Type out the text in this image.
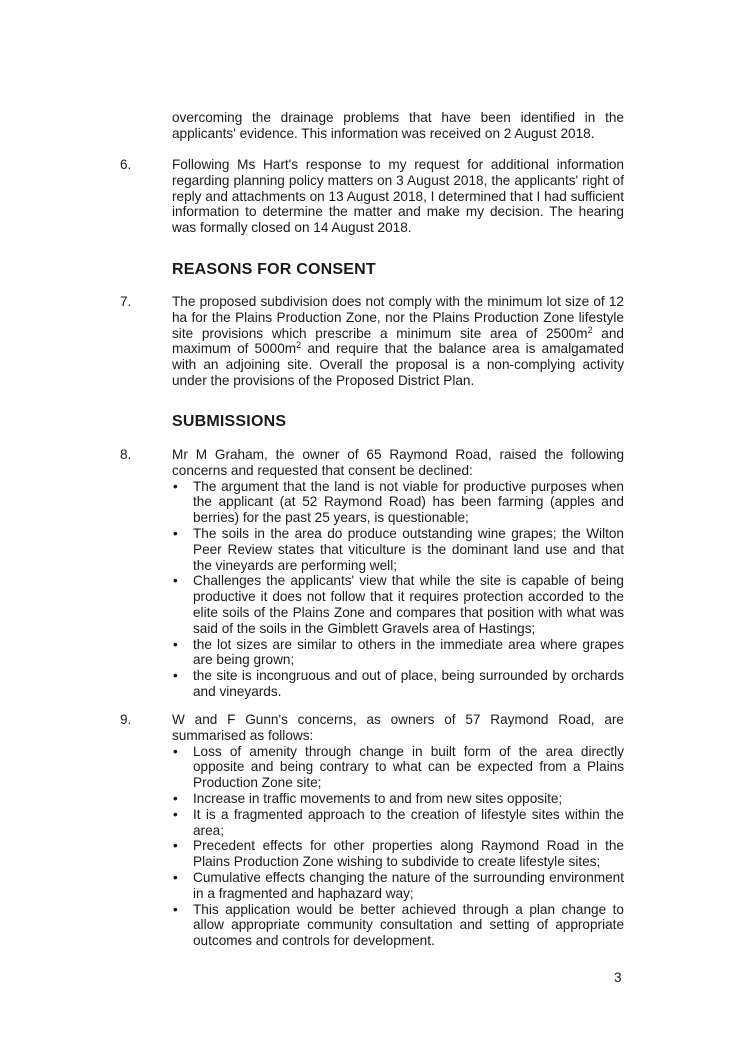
overcoming the drainage problems that have been identified in the applicants' evidence. This information was received on 2 August 2018.

6.	Following Ms Hart's response to my request for additional information regarding planning policy matters on 3 August 2018, the applicants' right of reply and attachments on 13 August 2018, I determined that I had sufficient information to determine the matter and make my decision. The hearing was formally closed on 14 August 2018.

REASONS FOR CONSENT
7.	The proposed subdivision does not comply with the minimum lot size of 12 ha for the Plains Production Zone, nor the Plains Production Zone lifestyle site provisions which prescribe a minimum site area of $2500m^2$ and maximum of $5000m^2$ and require that the balance area is amalgamated with an adjoining site. Overall the proposal is a non-complying activity under the provisions of the Proposed District Plan.

SUBMISSIONS
8.	Mr M Graham, the owner of 65 Raymond Road, raised the following concerns and requested that consent be declined:

• The argument that the land is not viable for productive purposes when the applicant (at 52 Raymond Road) has been farming (apples and berries) for the past 25 years, is questionable;
• The soils in the area do produce outstanding wine grapes; the Wilton Peer Review states that viticulture is the dominant land use and that the vineyards are performing well;
• Challenges the applicants' view that while the site is capable of being productive it does not follow that it requires protection accorded to the elite soils of the Plains Zone and compares that position with what was said of the soils in the Gimblett Gravels area of Hastings;
• the lot sizes are similar to others in the immediate area where grapes are being grown;
• the site is incongruous and out of place, being surrounded by orchards and vineyards.
9.	W and F Gunn's concerns, as owners of 57 Raymond Road, are summarised as follows:

• Loss of amenity through change in built form of the area directly opposite and being contrary to what can be expected from a Plains Production Zone site;
• Increase in traffic movements to and from new sites opposite;
• It is a fragmented approach to the creation of lifestyle sites within the area;
• Precedent effects for other properties along Raymond Road in the Plains Production Zone wishing to subdivide to create lifestyle sites;
• Cumulative effects changing the nature of the surrounding environment in a fragmented and haphazard way;
• This application would be better achieved through a plan change to allow appropriate community consultation and setting of appropriate outcomes and controls for development.
3
